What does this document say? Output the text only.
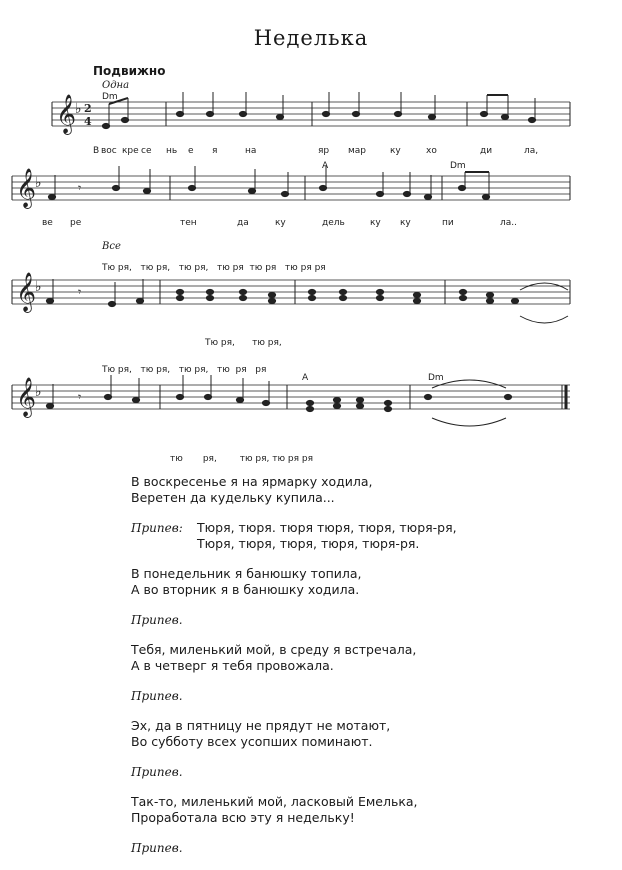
Неделька
Подвижно
Одна
Все
𝄞
𝄞
𝄞
𝄞
♭
♭
♭
♭
2
4
𝄾
𝄾
𝄾
Dm
A	Dm
A	Dm
В вос кре се нь е я	на	яр мар	ку	хо	ди	ла,
ве ре	тен	да	ку	дель	ку ку	пи	ла..
Тю ря,   тю ря,   тю ря,   тю ря  тю ря   тю ря ря
Тю ря,      тю ря,
Тю ря,   тю ря,   тю ря,   тю  ря   ря
тю       ря,        тю ря, тю ря ря
В воскресенье я на ярмарку ходила,
Веретен да кудельку купила...
Припев:	Тюря, тюря. тюря тюря, тюря, тюря-ря,
Тюря, тюря, тюря, тюря, тюря-ря.
В понедельник я банюшку топила,
А во вторник я в банюшку ходила.
Припев.
Тебя, миленький мой, в среду я встречала,
А в четверг я тебя провожала.
Припев.
Эх, да в пятницу не прядут не мотают,
Во субботу всех усопших поминают.
Припев.
Так-то, миленький мой, ласковый Емелька,
Проработала всю эту я недельку!
Припев.
